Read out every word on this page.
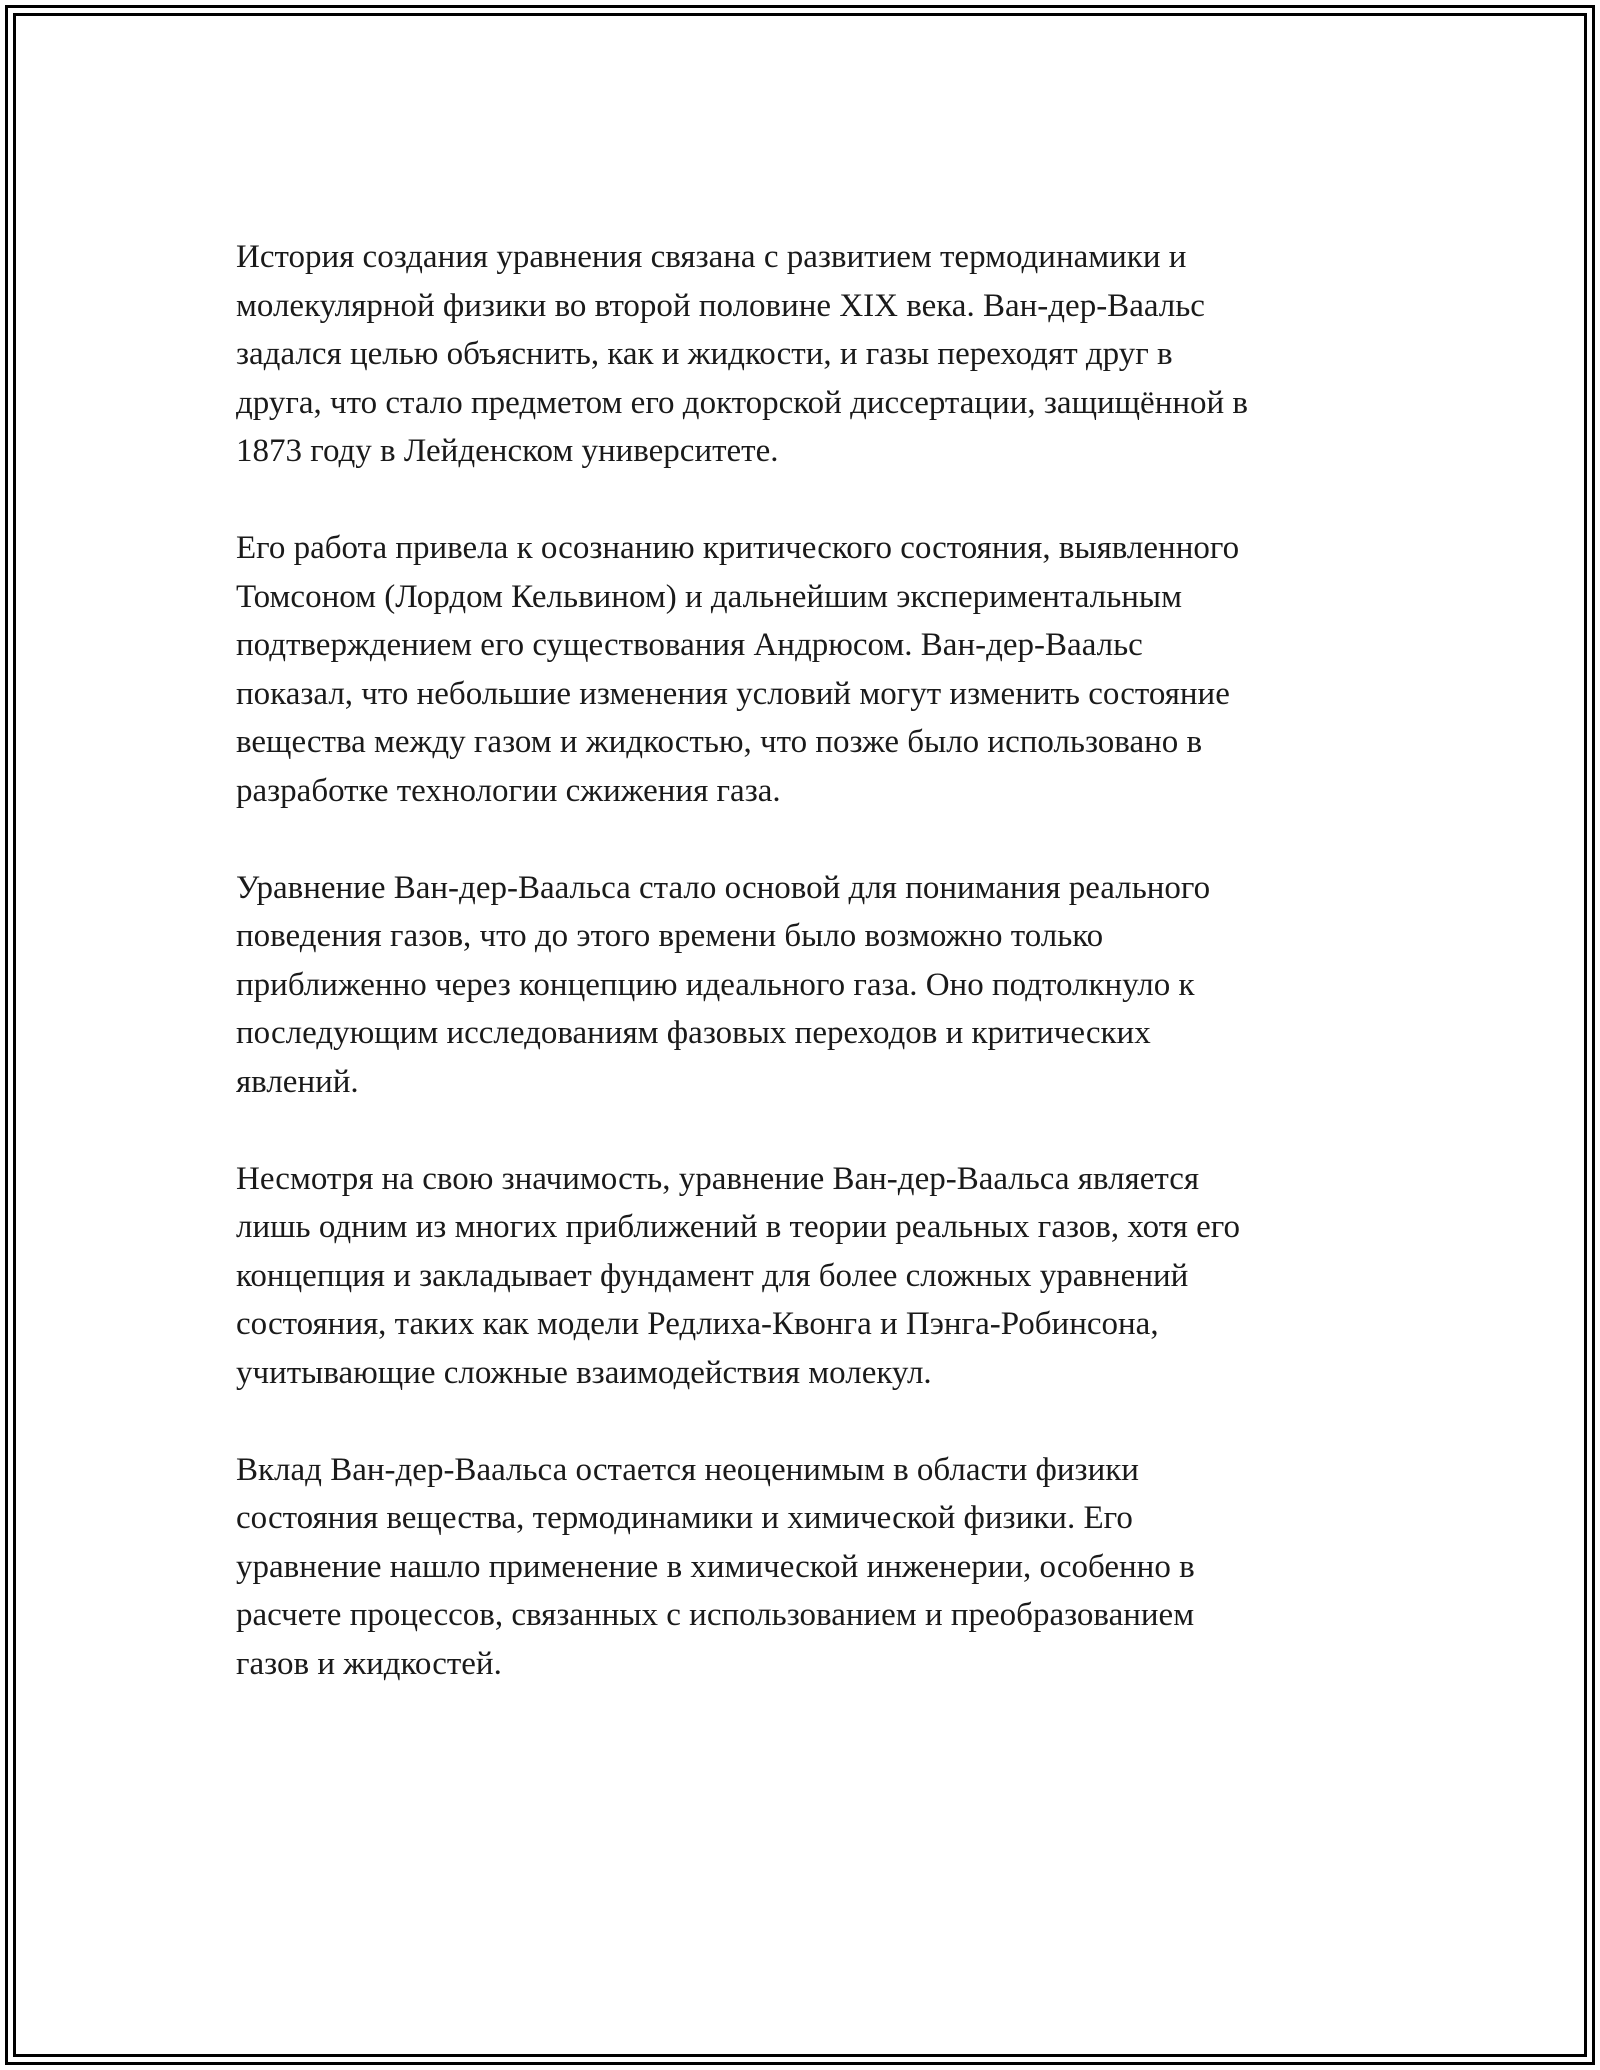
История создания уравнения связана с развитием термодинамики и
молекулярной физики во второй половине XIX века. Ван-дер-Ваальс
задался целью объяснить, как и жидкости, и газы переходят друг в
друга, что стало предметом его докторской диссертации, защищённой в
1873 году в Лейденском университете.

Его работа привела к осознанию критического состояния, выявленного
Томсоном (Лордом Кельвином) и дальнейшим экспериментальным
подтверждением его существования Андрюсом. Ван-дер-Ваальс
показал, что небольшие изменения условий могут изменить состояние
вещества между газом и жидкостью, что позже было использовано в
разработке технологии сжижения газа.

Уравнение Ван-дер-Ваальса стало основой для понимания реального
поведения газов, что до этого времени было возможно только
приближенно через концепцию идеального газа. Оно подтолкнуло к
последующим исследованиям фазовых переходов и критических
явлений.

Несмотря на свою значимость, уравнение Ван-дер-Ваальса является
лишь одним из многих приближений в теории реальных газов, хотя его
концепция и закладывает фундамент для более сложных уравнений
состояния, таких как модели Редлиха-Квонга и Пэнга-Робинсона,
учитывающие сложные взаимодействия молекул.

Вклад Ван-дер-Ваальса остается неоценимым в области физики
состояния вещества, термодинамики и химической физики. Его
уравнение нашло применение в химической инженерии, особенно в
расчете процессов, связанных с использованием и преобразованием
газов и жидкостей.
